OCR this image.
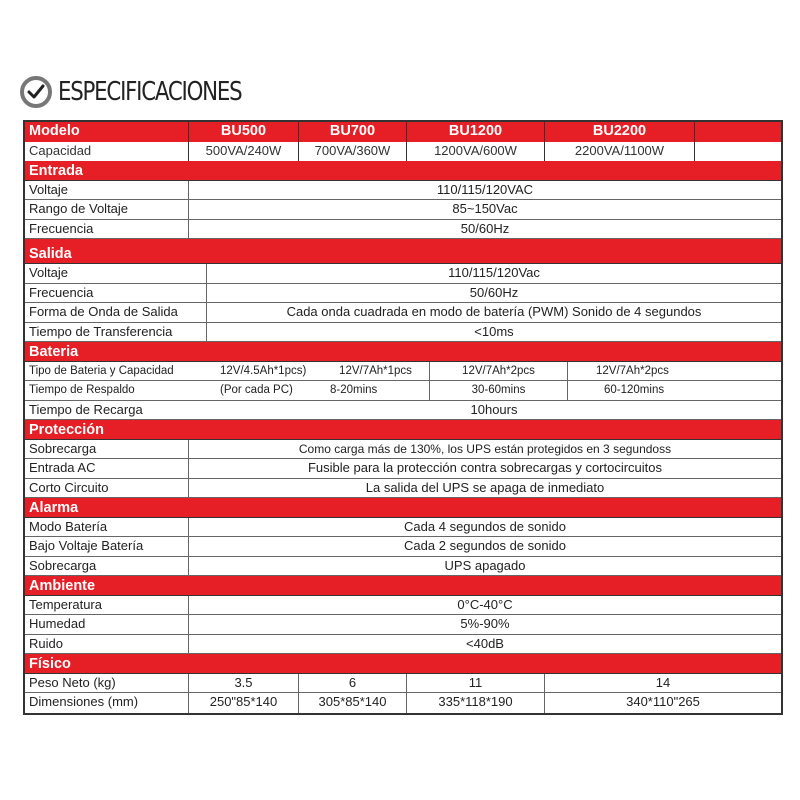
ESPECIFICACIONES
Modelo	BU500	BU700	BU1200	BU2200
Capacidad	500VA/240W	700VA/360W	1200VA/600W	2200VA/1100W
Entrada
Voltaje	110/115/120VAC
Rango de Voltaje	85~150Vac
Frecuencia	50/60Hz
Salida
Voltaje	110/115/120Vac
Frecuencia	50/60Hz
Forma de Onda de Salida	Cada onda cuadrada en modo de batería (PWM) Sonido de 4 segundos
Tiempo de Transferencia	<10ms
Bateria
Tipo de Bateria y Capacidad	12V/4.5Ah*1pcs)	12V/7Ah*1pcs	12V/7Ah*2pcs	12V/7Ah*2pcs
Tiempo de Respaldo	(Por cada PC)	8-20mins	30-60mins	60-120mins
Tiempo de Recarga	10hours
Protección
Sobrecarga	Como carga más de 130%, los UPS están protegidos en 3 segundoss
Entrada AC	Fusible para la protección contra sobrecargas y cortocircuitos
Corto Circuito	La salida del UPS se apaga de inmediato
Alarma
Modo Batería	Cada 4 segundos de sonido
Bajo Voltaje Batería	Cada 2 segundos de sonido
Sobrecarga	UPS apagado
Ambiente
Temperatura	0°C-40°C
Humedad	5%-90%
Ruido	<40dB
Físico
Peso Neto (kg)	3.5	6	11	14
Dimensiones (mm)	250"85*140	305*85*140	335*118*190	340*110"265
